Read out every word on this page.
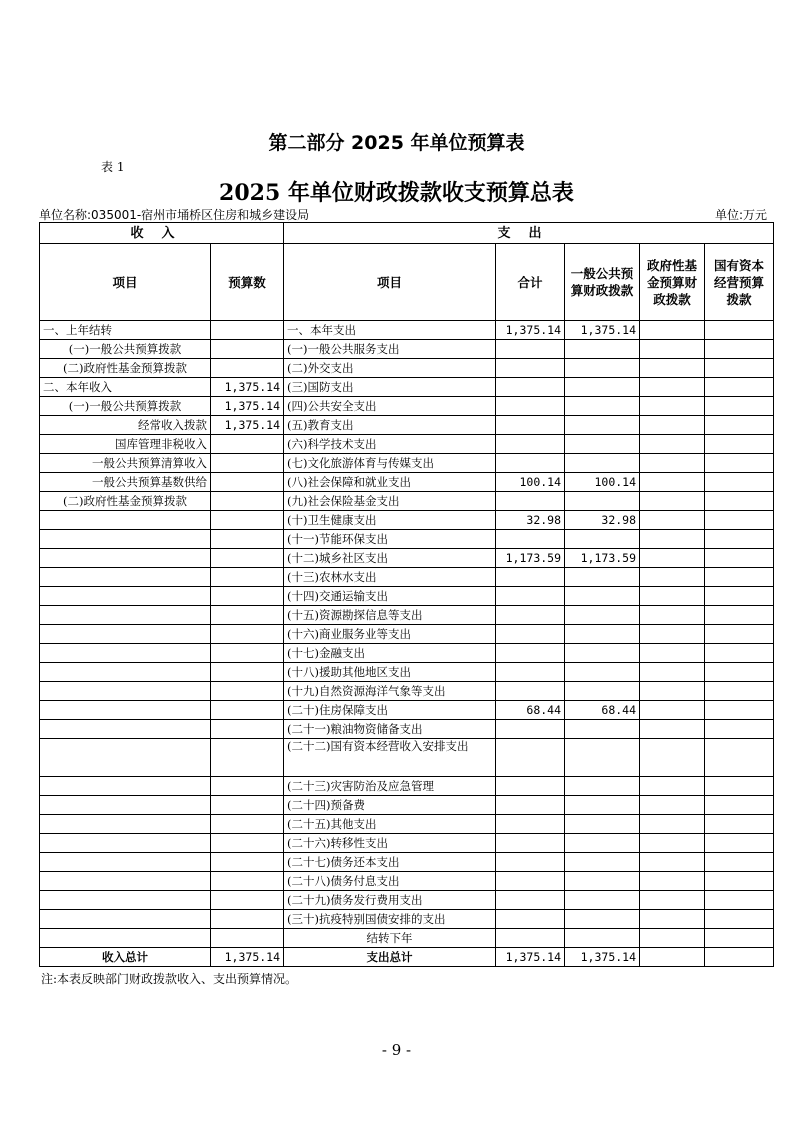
第二部分 2025 年单位预算表
表 1
2025 年单位财政拨款收支预算总表
单位名称:035001-宿州市埇桥区住房和城乡建设局	单位:万元
收入		支出				
项目	预算数	项目	合计	一般公共预算财政拨款	政府性基金预算财政拨款	国有资本经营预算拨款
一、上年结转		一、本年支出	1,375.14	1,375.14		
(一)一般公共预算拨款		(一)一般公共服务支出				
(二)政府性基金预算拨款		(二)外交支出				
二、本年收入	1,375.14	(三)国防支出				
(一)一般公共预算拨款	1,375.14	(四)公共安全支出				
经常收入拨款	1,375.14	(五)教育支出				
国库管理非税收入		(六)科学技术支出				
一般公共预算清算收入		(七)文化旅游体育与传媒支出				
一般公共预算基数供给		(八)社会保障和就业支出	100.14	100.14		
(二)政府性基金预算拨款		(九)社会保险基金支出				
		(十)卫生健康支出	32.98	32.98		
		(十一)节能环保支出				
		(十二)城乡社区支出	1,173.59	1,173.59		
		(十三)农林水支出				
		(十四)交通运输支出				
		(十五)资源勘探信息等支出				
		(十六)商业服务业等支出				
		(十七)金融支出				
		(十八)援助其他地区支出				
		(十九)自然资源海洋气象等支出				
		(二十)住房保障支出	68.44	68.44		
		(二十一)粮油物资储备支出				
		(二十二)国有资本经营收入安排支出				
		(二十三)灾害防治及应急管理				
		(二十四)预备费				
		(二十五)其他支出				
		(二十六)转移性支出				
		(二十七)债务还本支出				
		(二十八)债务付息支出				
		(二十九)债务发行费用支出				
		(三十)抗疫特别国债安排的支出				
		结转下年				
收入总计	1,375.14	支出总计	1,375.14	1,375.14		
注:本表反映部门财政拨款收入、支出预算情况。
- 9 -
